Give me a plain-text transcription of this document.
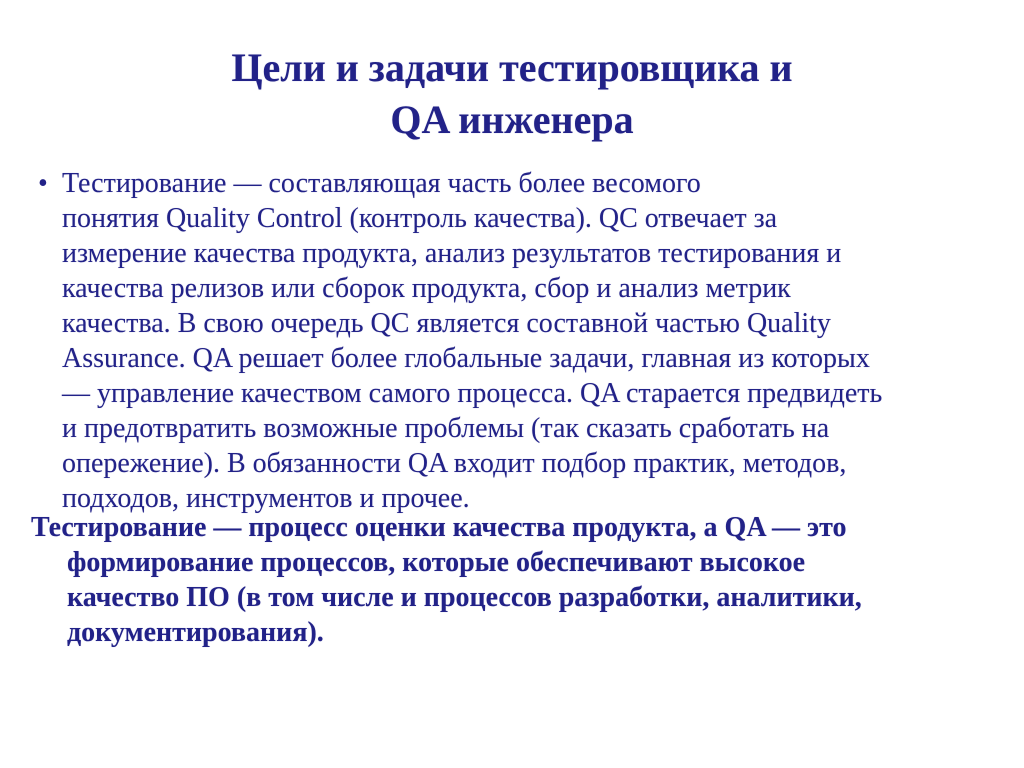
Цели и задачи тестировщика и
QA инженера
• Тестирование — составляющая часть более весомого
понятия Quality Control (контроль качества). QC отвечает за
измерение качества продукта, анализ результатов тестирования и
качества релизов или сборок продукта, сбор и анализ метрик
качества. В свою очередь QC является составной частью Quality
Assurance. QA решает более глобальные задачи, главная из которых
— управление качеством самого процесса. QA старается предвидеть
и предотвратить возможные проблемы (так сказать сработать на
опережение). В обязанности QA входит подбор практик, методов,
подходов, инструментов и прочее.
Тестирование — процесс оценки качества продукта, а QA — это
формирование процессов, которые обеспечивают высокое
качество ПО (в том числе и процессов разработки, аналитики,
документирования).
